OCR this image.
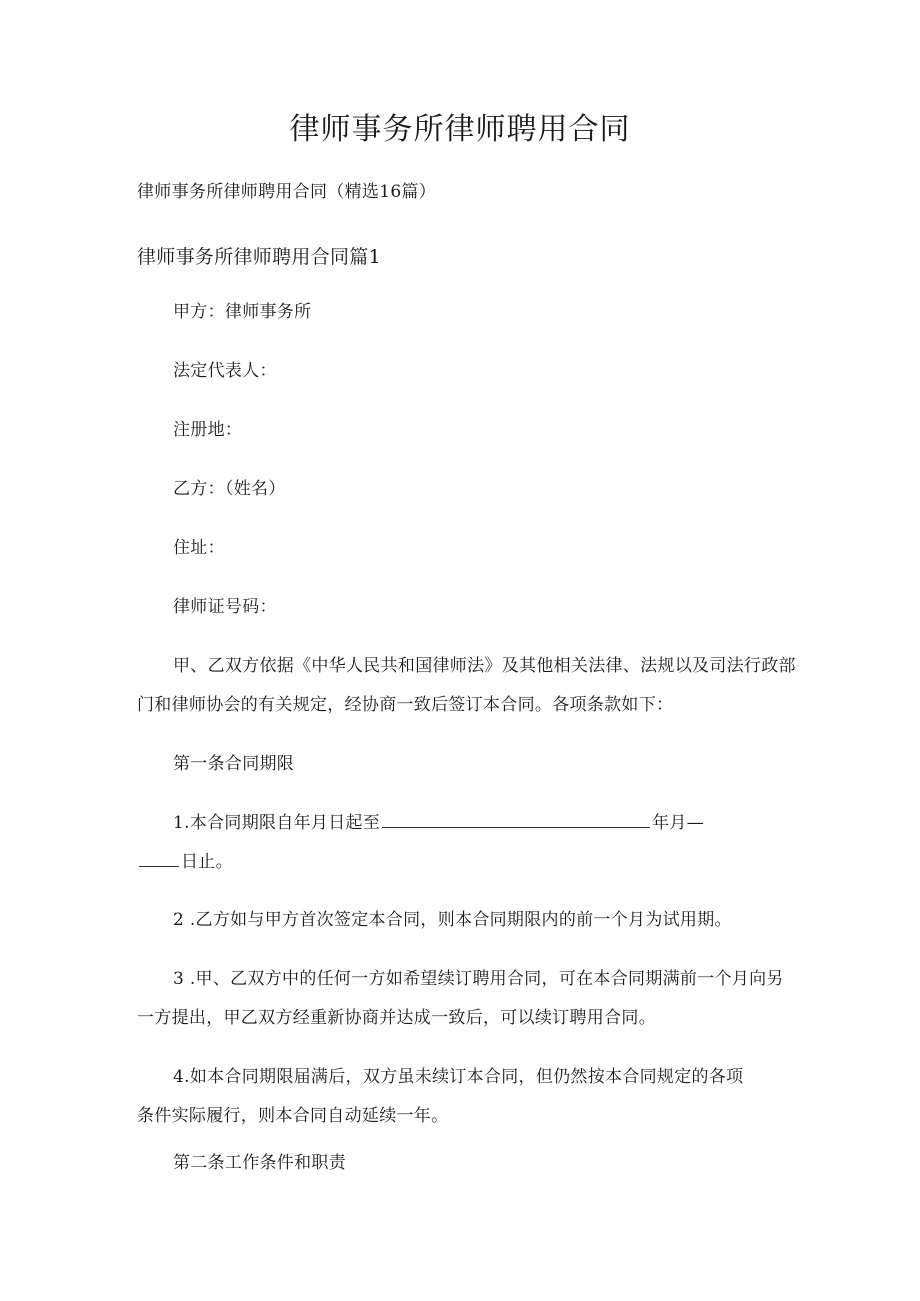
律师事务所律师聘用合同
律师事务所律师聘用合同（精选16篇）
律师事务所律师聘用合同篇1
甲方：律师事务所
法定代表人：
注册地：
乙方：（姓名）
住址：
律师证号码：
甲、乙双方依据《中华人民共和国律师法》及其他相关法律、法规以及司法行政部
门和律师协会的有关规定，经协商一致后签订本合同。各项条款如下：
第一条合同期限
1.本合同期限自年月日起至	年月—
日止。
2 .乙方如与甲方首次签定本合同，则本合同期限内的前一个月为试用期。
3 .甲、乙双方中的任何一方如希望续订聘用合同，可在本合同期满前一个月向另
一方提出，甲乙双方经重新协商并达成一致后，可以续订聘用合同。
4.如本合同期限届满后，双方虽未续订本合同，但仍然按本合同规定的各项
条件实际履行，则本合同自动延续一年。
第二条工作条件和职责
